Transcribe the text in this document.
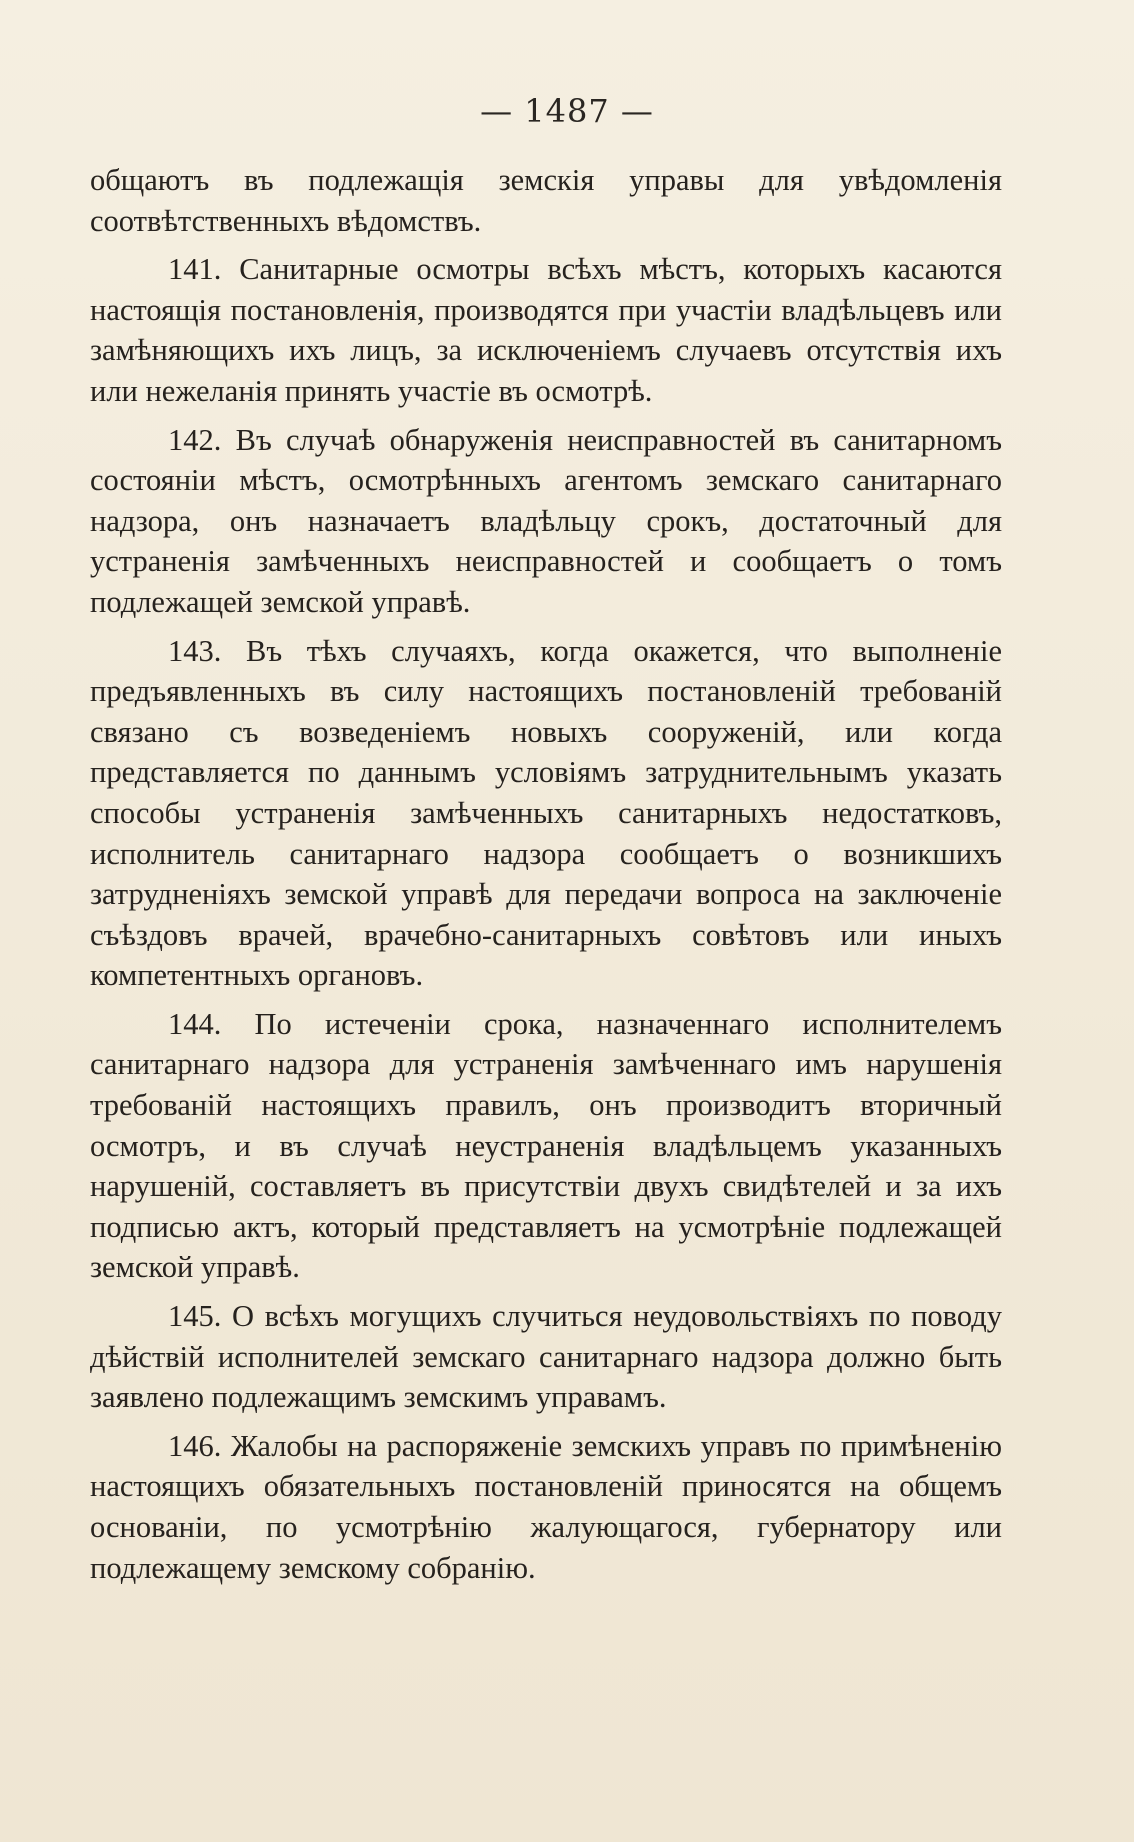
— 1487 —

общаютъ въ подлежащія земскія управы для увѣдомленія соотвѣтственныхъ вѣдомствъ.

141. Санитарные осмотры всѣхъ мѣстъ, которыхъ касаются настоящія постановленія, производятся при участіи владѣльцевъ или замѣняющихъ ихъ лицъ, за исключеніемъ случаевъ отсутствія ихъ или нежеланія принять участіе въ осмотрѣ.

142. Въ случаѣ обнаруженія неисправностей въ санитарномъ состояніи мѣстъ, осмотрѣнныхъ агентомъ земскаго санитарнаго надзора, онъ назначаетъ владѣльцу срокъ, достаточный для устраненія замѣченныхъ неисправностей и сообщаетъ о томъ подлежащей земской управѣ.

143. Въ тѣхъ случаяхъ, когда окажется, что выполненіе предъявленныхъ въ силу настоящихъ постановленій требованій связано съ возведеніемъ новыхъ сооруженій, или когда представляется по даннымъ условіямъ затруднительнымъ указать способы устраненія замѣченныхъ санитарныхъ недостатковъ, исполнитель санитарнаго надзора сообщаетъ о возникшихъ затрудненіяхъ земской управѣ для передачи вопроса на заключеніе съѣздовъ врачей, врачебно-санитарныхъ совѣтовъ или иныхъ компетентныхъ органовъ.

144. По истеченіи срока, назначеннаго исполнителемъ санитарнаго надзора для устраненія замѣченнаго имъ нарушенія требованій настоящихъ правилъ, онъ производитъ вторичный осмотръ, и въ случаѣ неустраненія владѣльцемъ указанныхъ нарушеній, составляетъ въ присутствіи двухъ свидѣтелей и за ихъ подписью актъ, который представляетъ на усмотрѣніе подлежащей земской управѣ.

145. О всѣхъ могущихъ случиться неудовольствіяхъ по поводу дѣйствій исполнителей земскаго санитарнаго надзора должно быть заявлено подлежащимъ земскимъ управамъ.

146. Жалобы на распоряженіе земскихъ управъ по примѣненію настоящихъ обязательныхъ постановленій приносятся на общемъ основаніи, по усмотрѣнію жалующагося, губернатору или подлежащему земскому собранію.
